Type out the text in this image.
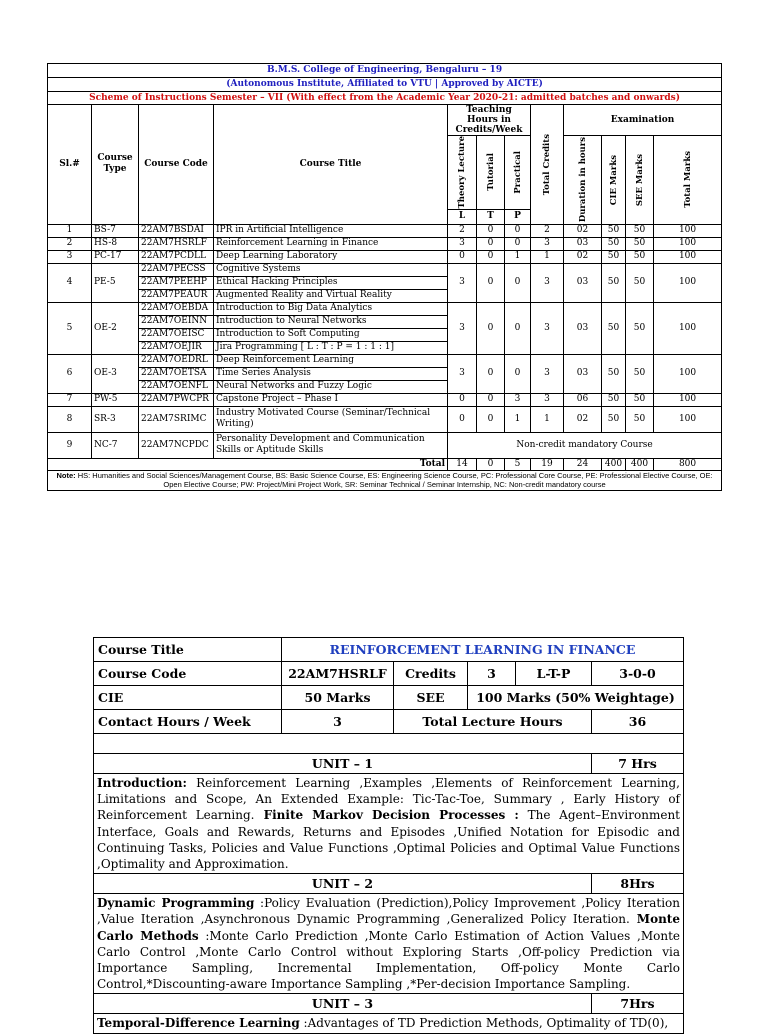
B.M.S. College of Engineering, Bengaluru – 19											
(Autonomous Institute, Affiliated to VTU | Approved by AICTE)											
Scheme of Instructions Semester – VII (With effect from the Academic Year 2020-21: admitted batches and onwards)											
Sl.#	Course Type	Course Code	Course Title	Teaching Hours in Credits/Week			Total Credits	Examination			

				Theory Lecture	Tutorial	Practical		Duration in hours	CIE Marks	SEE Marks	Total Marks

				L	T	P					
1	BS-7	22AM7BSDAI	IPR in Artificial Intelligence	2	0	0	2	02	50	50	100
2	HS-8	22AM7HSRLF	Reinforcement Learning in Finance	3	0	0	3	03	50	50	100
3	PC-17	22AM7PCDLL	Deep Learning Laboratory	0	0	1	1	02	50	50	100
4	PE-5	22AM7PECSS	Cognitive Systems	3	0	0	3	03	50	50	100
		22AM7PEEHP	Ethical Hacking Principles								
		22AM7PEAUR	Augmented Reality and Virtual Reality								
5	OE-2	22AM7OEBDA	Introduction to Big Data Analytics	3	0	0	3	03	50	50	100
		22AM7OEINN	Introduction to Neural Networks								
		22AM7OEISC	Introduction to Soft Computing								
		22AM7OEJIR	Jira Programming [ L : T : P = 1 : 1 : 1]								
6	OE-3	22AM7OEDRL	Deep Reinforcement Learning	3	0	0	3	03	50	50	100
		22AM7OETSA	Time Series Analysis								
		22AM7OENFL	Neural Networks and Fuzzy Logic								
7	PW-5	22AM7PWCPR	Capstone Project – Phase I	0	0	3	3	06	50	50	100
8	SR-3	22AM7SRIMC	Industry Motivated Course (Seminar/Technical Writing)	0	0	1	1	02	50	50	100
9	NC-7	22AM7NCPDC	Personality Development and Communication Skills or Aptitude Skills	Non-credit mandatory Course							

Total				14	0	5	19	24	400	400	800
Note: HS: Humanities and Social Sciences/Management Course, BS: Basic Science Course, ES: Engineering Science Course, PC: Professional Core Course, PE: Professional Elective Course, OE: Open Elective Course; PW: Project/Mini Project Work, SR: Seminar Technical / Seminar Internship, NC: Non-credit mandatory course											
Course Title	REINFORCEMENT LEARNING IN FINANCE				
Course Code	22AM7HSRLF	Credits	3	L-T-P	3-0-0
CIE	50 Marks	SEE	100 Marks (50% Weightage)		
Contact Hours / Week	3	Total Lecture Hours			36

UNIT – 1					7 Hrs
Introduction: Reinforcement Learning ,Examples ,Elements of Reinforcement Learning, Limitations and Scope, An Extended Example: Tic-Tac-Toe, Summary , Early History of Reinforcement Learning. Finite Markov Decision Processes : The Agent–Environment Interface, Goals and Rewards, Returns and Episodes ,Unified Notation for Episodic and Continuing Tasks, Policies and Value Functions ,Optimal Policies and Optimal Value Functions ,Optimality and Approximation.					
UNIT – 2					8Hrs
Dynamic Programming :Policy Evaluation (Prediction),Policy Improvement ,Policy Iteration ,Value Iteration ,Asynchronous Dynamic Programming ,Generalized Policy Iteration. Monte Carlo Methods :Monte Carlo Prediction ,Monte Carlo Estimation of Action Values ,Monte Carlo Control ,Monte Carlo Control without Exploring Starts ,Off-policy Prediction via Importance Sampling, Incremental Implementation, Off-policy Monte Carlo Control,*Discounting-aware Importance Sampling ,*Per-decision Importance Sampling.					
UNIT – 3					7Hrs
Temporal-Difference Learning :Advantages of TD Prediction Methods, Optimality of TD(0),					
